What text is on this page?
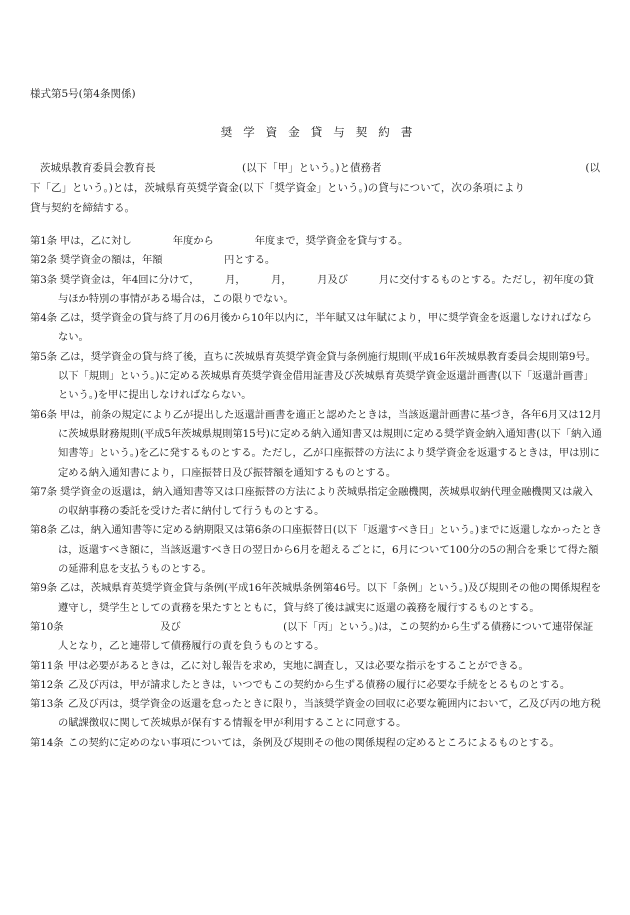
様式第5号(第4条関係)
奨学資金貸与契約書
茨城県教育委員会教育長	(以下「甲」という。)と債務者	(以
下「乙」という。)とは，茨城県育英奨学資金(以下「奨学資金」という。)の貸与について，次の条項により
貸与契約を締結する。

第1条 甲は，乙に対し　　　　年度から　　　　年度まで，奨学資金を貸与する。

第2条 奨学資金の額は，年額　　　　　　円とする。

第3条 奨学資金は，年4回に分けて，　　　月，　　　月，　　　月及び　　　月に交付するものとする。ただし，初年度の貸与ほか特別の事情がある場合は，この限りでない。

第4条 乙は，奨学資金の貸与終了月の6月後から10年以内に，半年賦又は年賦により，甲に奨学資金を返還しなければならない。

第5条 乙は，奨学資金の貸与終了後，直ちに茨城県育英奨学資金貸与条例施行規則(平成16年茨城県教育委員会規則第9号。以下「規則」という。)に定める茨城県育英奨学資金借用証書及び茨城県育英奨学資金返還計画書(以下「返還計画書」という。)を甲に提出しなければならない。

第6条 甲は，前条の規定により乙が提出した返還計画書を適正と認めたときは，当該返還計画書に基づき，各年6月又は12月に茨城県財務規則(平成5年茨城県規則第15号)に定める納入通知書又は規則に定める奨学資金納入通知書(以下「納入通知書等」という。)を乙に発するものとする。ただし，乙が口座振替の方法により奨学資金を返還するときは，甲は別に定める納入通知書により，口座振替日及び振替額を通知するものとする。

第7条 奨学資金の返還は，納入通知書等又は口座振替の方法により茨城県指定金融機関，茨城県収納代理金融機関又は歳入の収納事務の委託を受けた者に納付して行うものとする。

第8条 乙は，納入通知書等に定める納期限又は第6条の口座振替日(以下「返還すべき日」という。)までに返還しなかったときは，返還すべき額に，当該返還すべき日の翌日から6月を超えるごとに，6月について100分の5の割合を乗じて得た額の延滞利息を支払うものとする。

第9条 乙は，茨城県育英奨学資金貸与条例(平成16年茨城県条例第46号。以下「条例」という。)及び規則その他の関係規程を遵守し，奨学生としての責務を果たすとともに，貸与終了後は誠実に返還の義務を履行するものとする。

第10条　　　　　　　　　及び　　　　　　　　　　(以下「丙」という。)は，この契約から生ずる債務について連帯保証人となり，乙と連帯して債務履行の責を負うものとする。

第11条 甲は必要があるときは，乙に対し報告を求め，実地に調査し，又は必要な指示をすることができる。

第12条 乙及び丙は，甲が請求したときは，いつでもこの契約から生ずる債務の履行に必要な手続をとるものとする。

第13条 乙及び丙は，奨学資金の返還を怠ったときに限り，当該奨学資金の回収に必要な範囲内において，乙及び丙の地方税の賦課徴収に関して茨城県が保有する情報を甲が利用することに同意する。

第14条 この契約に定めのない事項については，条例及び規則その他の関係規程の定めるところによるものとする。
